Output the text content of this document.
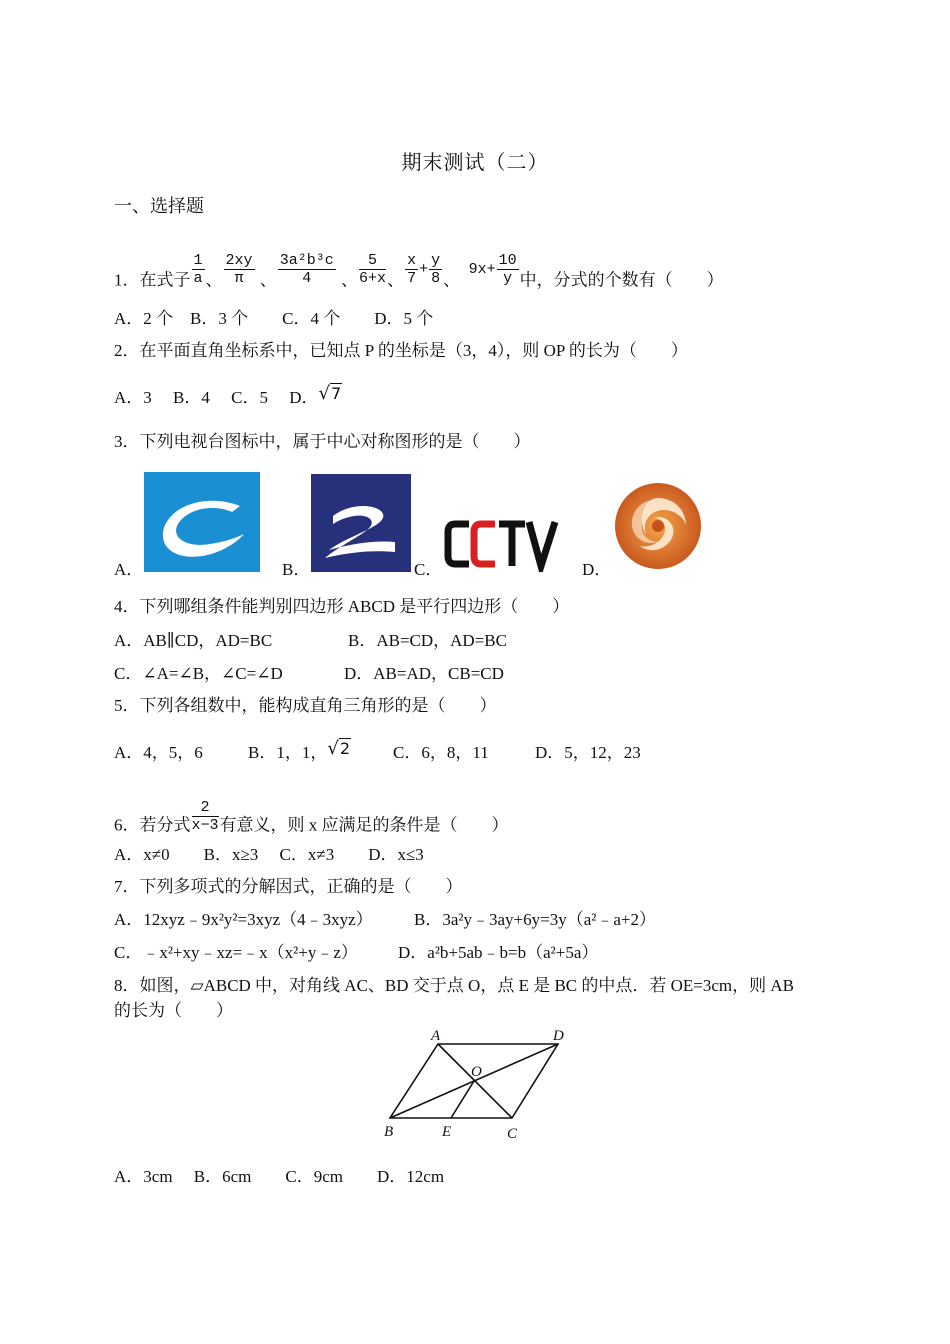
期末测试（二）
一、选择题
1．在式子 $\frac{1}{a}$ 、 $\frac{2xy}{\pi}$ 、 $\frac{\text{3a²b³c}}{4}$ 、 $\frac{5}{6+x}$ 、 $\frac{x}{7} + \frac{y}{8}$ 、  $9x+ \frac{10}{y}$ 中，分式的个数有（　　）
A．2 个　B．3 个　　C．4 个　　D．5 个
2．在平面直角坐标系中，已知点 P 的坐标是（3，4），则 OP 的长为（　　）
A．3　 B．4　 C．5　 D．√7
3．下列电视台图标中，属于中心对称图形的是（　　）
A．	B．	C．	D．
4．下列哪组条件能判别四边形 ABCD 是平行四边形（　　）
A．AB∥CD，AD=BC	B．AB=CD，AD=BC
C．∠A=∠B，∠C=∠D	D．AB=AD，CB=CD
5．下列各组数中，能构成直角三角形的是（　　）
A．4，5，6	B．1，1，√2	C．6，8，11	D．5，12，23
6．若分式 $\frac{2}{x-3}$ 有意义，则 x 应满足的条件是（　　）
A．x≠0　　B．x≥3　 C．x≠3　　D．x≤3
7．下列多项式的分解因式，正确的是（　　）
A．12xyz﹣9x²y²=3xyz（4﹣3xyz） B．3a²y﹣3ay+6y=3y（a²﹣a+2）
C．﹣x²+xy﹣xz=﹣x（x²+y﹣z） D．a²b+5ab﹣b=b（a²+5a）
8．如图，▱ABCD 中，对角线 AC、BD 交于点 O，点 E 是 BC 的中点．若 OE=3cm，则 AB
的长为（　　）
A	D
O
B	E	C
A．3cm　 B．6cm　　C．9cm　　D．12cm
